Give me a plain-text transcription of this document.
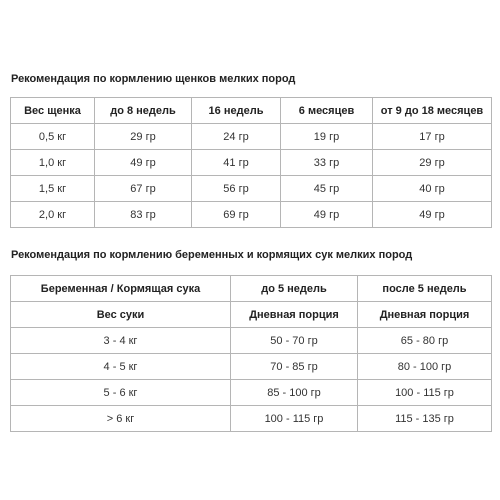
Рекомендация по кормлению щенков мелких пород
Вес щенка	до 8 недель	16 недель	6 месяцев	от 9 до 18 месяцев
0,5 кг	29 гр	24 гр	19 гр	17 гр
1,0 кг	49 гр	41 гр	33 гр	29 гр
1,5 кг	67 гр	56 гр	45 гр	40 гр
2,0 кг	83 гр	69 гр	49 гр	49 гр
Рекомендация по кормлению беременных и кормящих сук мелких пород
Беременная / Кормящая сука	до 5 недель	после 5 недель
Вес суки	Дневная порция	Дневная порция
3 - 4 кг	50 - 70 гр	65 - 80 гр
4 - 5 кг	70 - 85 гр	80 - 100 гр
5 - 6 кг	85 - 100 гр	100 - 115 гр
> 6 кг	100 - 115 гр	115 - 135 гр
